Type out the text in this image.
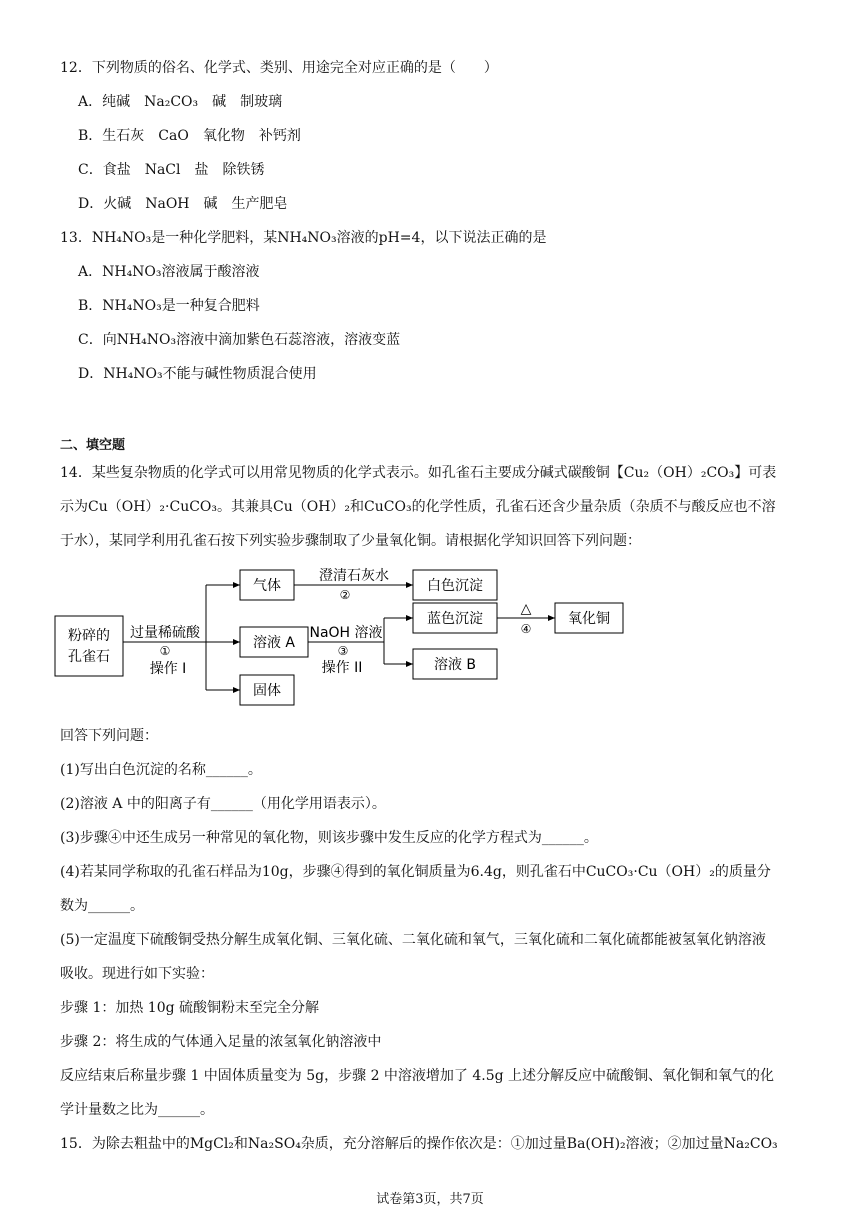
12．下列物质的俗名、化学式、类别、用途完全对应正确的是（　　）
A．纯碱　Na₂CO₃　碱　制玻璃
B．生石灰　CaO　氧化物　补钙剂
C．食盐　NaCl　盐　除铁锈
D．火碱　NaOH　碱　生产肥皂
13．NH₄NO₃是一种化学肥料，某NH₄NO₃溶液的pH=4，以下说法正确的是
A．NH₄NO₃溶液属于酸溶液
B．NH₄NO₃是一种复合肥料
C．向NH₄NO₃溶液中滴加紫色石蕊溶液，溶液变蓝
D．NH₄NO₃不能与碱性物质混合使用
二、填空题
14．某些复杂物质的化学式可以用常见物质的化学式表示。如孔雀石主要成分碱式碳酸铜【Cu₂（OH）₂CO₃】可表
示为Cu（OH）₂·CuCO₃。其兼具Cu（OH）₂和CuCO₃的化学性质，孔雀石还含少量杂质（杂质不与酸反应也不溶
于水），某同学利用孔雀石按下列实验步骤制取了少量氧化铜。请根据化学知识回答下列问题：
粉碎的
孔雀石
过量稀硫酸
①
操作 I
气体
溶液 A
固体
澄清石灰水
②
白色沉淀
NaOH 溶液
③
操作 II
蓝色沉淀
溶液 B
△
④
氧化铜
回答下列问题：
(1)写出白色沉淀的名称______。
(2)溶液 A 中的阳离子有______（用化学用语表示）。
(3)步骤④中还生成另一种常见的氧化物，则该步骤中发生反应的化学方程式为______。
(4)若某同学称取的孔雀石样品为10g，步骤④得到的氧化铜质量为6.4g，则孔雀石中CuCO₃·Cu（OH）₂的质量分
数为______。
(5)一定温度下硫酸铜受热分解生成氧化铜、三氧化硫、二氧化硫和氧气，三氧化硫和二氧化硫都能被氢氧化钠溶液
吸收。现进行如下实验：
步骤 1：加热 10g 硫酸铜粉末至完全分解
步骤 2：将生成的气体通入足量的浓氢氧化钠溶液中
反应结束后称量步骤 1 中固体质量变为 5g，步骤 2 中溶液增加了 4.5g 上述分解反应中硫酸铜、氧化铜和氧气的化
学计量数之比为______。
15．为除去粗盐中的MgCl₂和Na₂SO₄杂质，充分溶解后的操作依次是：①加过量Ba(OH)₂溶液；②加过量Na₂CO₃
试卷第3页，共7页
